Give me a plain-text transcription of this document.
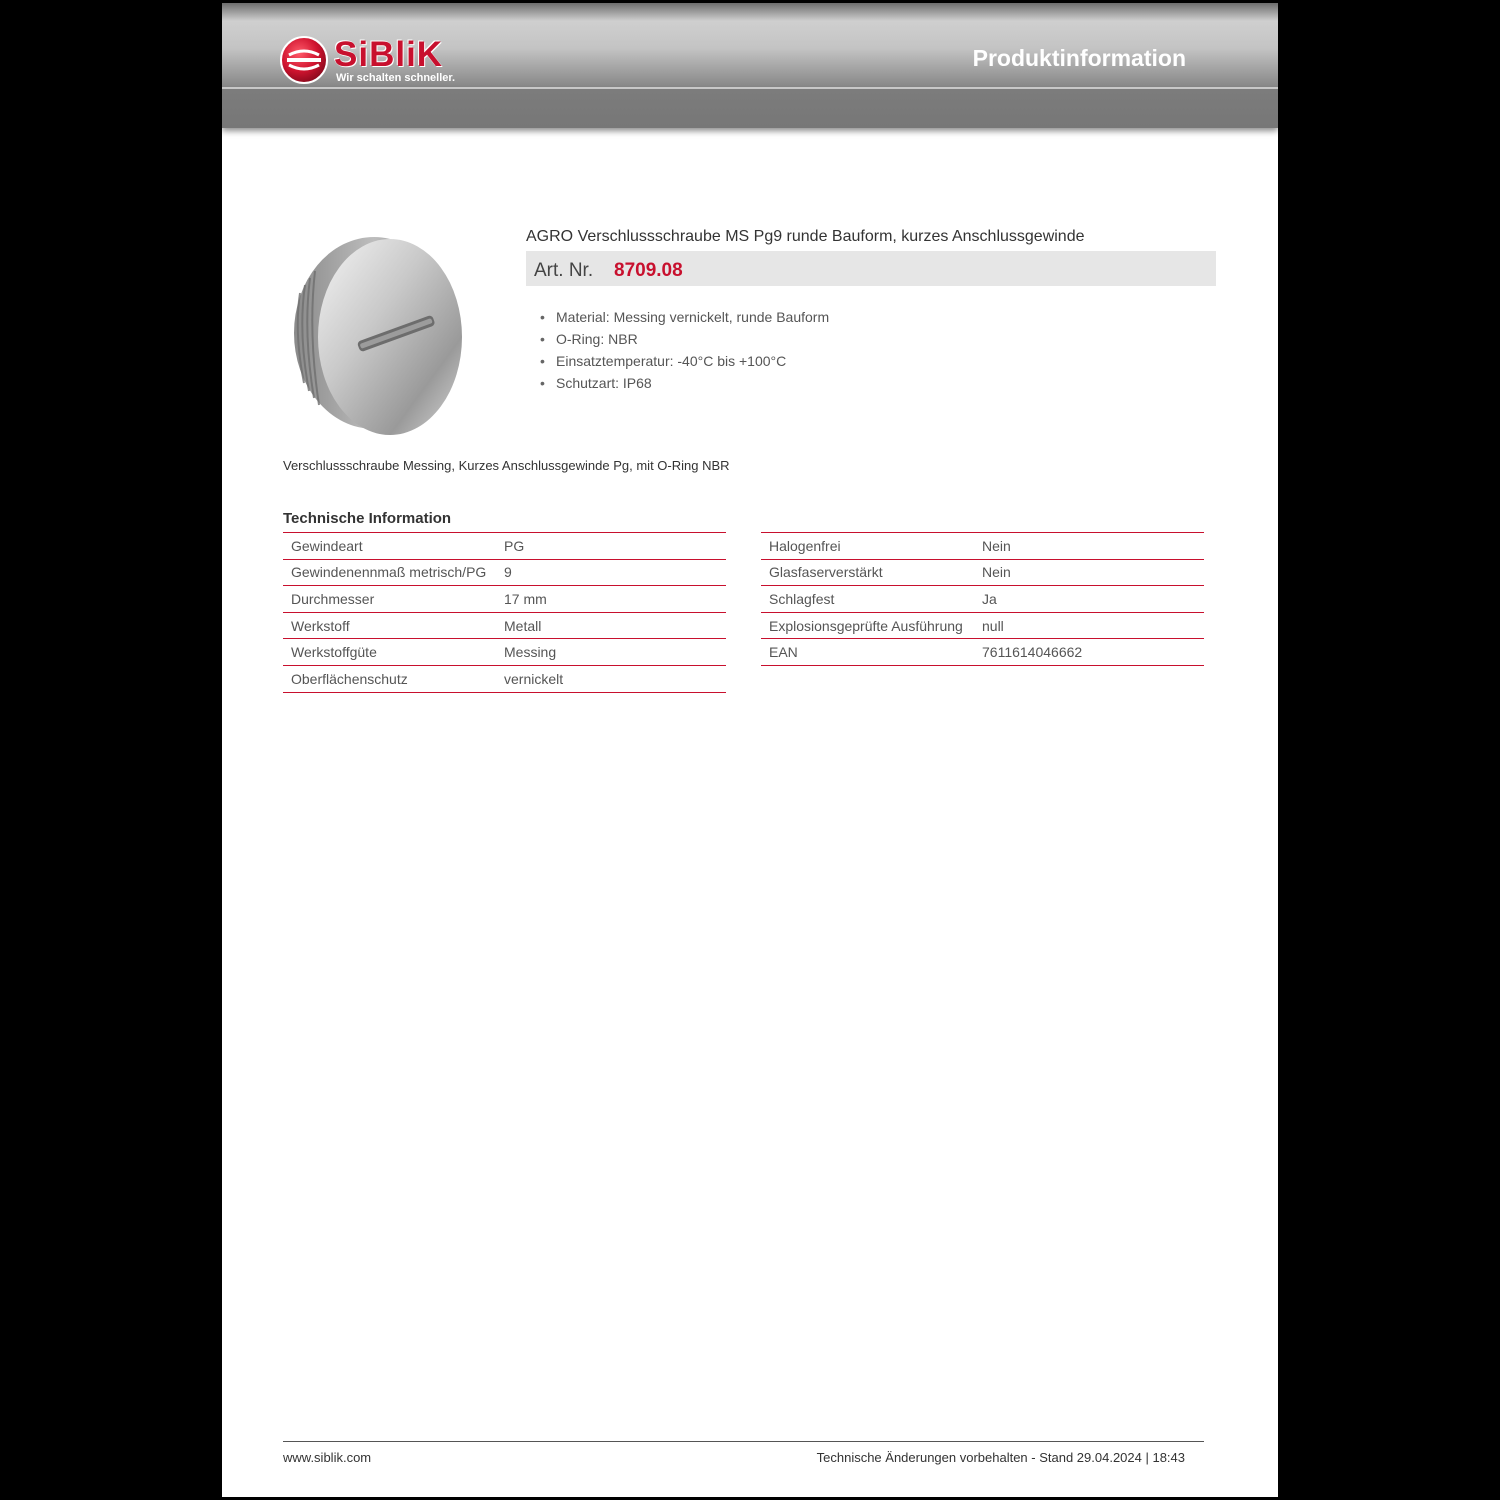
SiBliK
Wir schalten schneller.
Produktinformation
AGRO Verschlussschraube MS Pg9 runde Bauform, kurzes Anschlussgewinde
Art. Nr. 8709.08
• Material: Messing vernickelt, runde Bauform
• O-Ring: NBR
• Einsatztemperatur: -40°C bis +100°C
• Schutzart: IP68
Verschlussschraube Messing, Kurzes Anschlussgewinde Pg, mit O-Ring NBR
Technische Information
Gewindeart	PG
Gewindenennmaß metrisch/PG	9
Durchmesser	17 mm
Werkstoff	Metall
Werkstoffgüte	Messing
Oberflächenschutz	vernickelt
Halogenfrei	Nein
Glasfaserverstärkt	Nein
Schlagfest	Ja
Explosionsgeprüfte Ausführung	null
EAN	7611614046662
www.siblik.com	Technische Änderungen vorbehalten - Stand 29.04.2024 | 18:43
